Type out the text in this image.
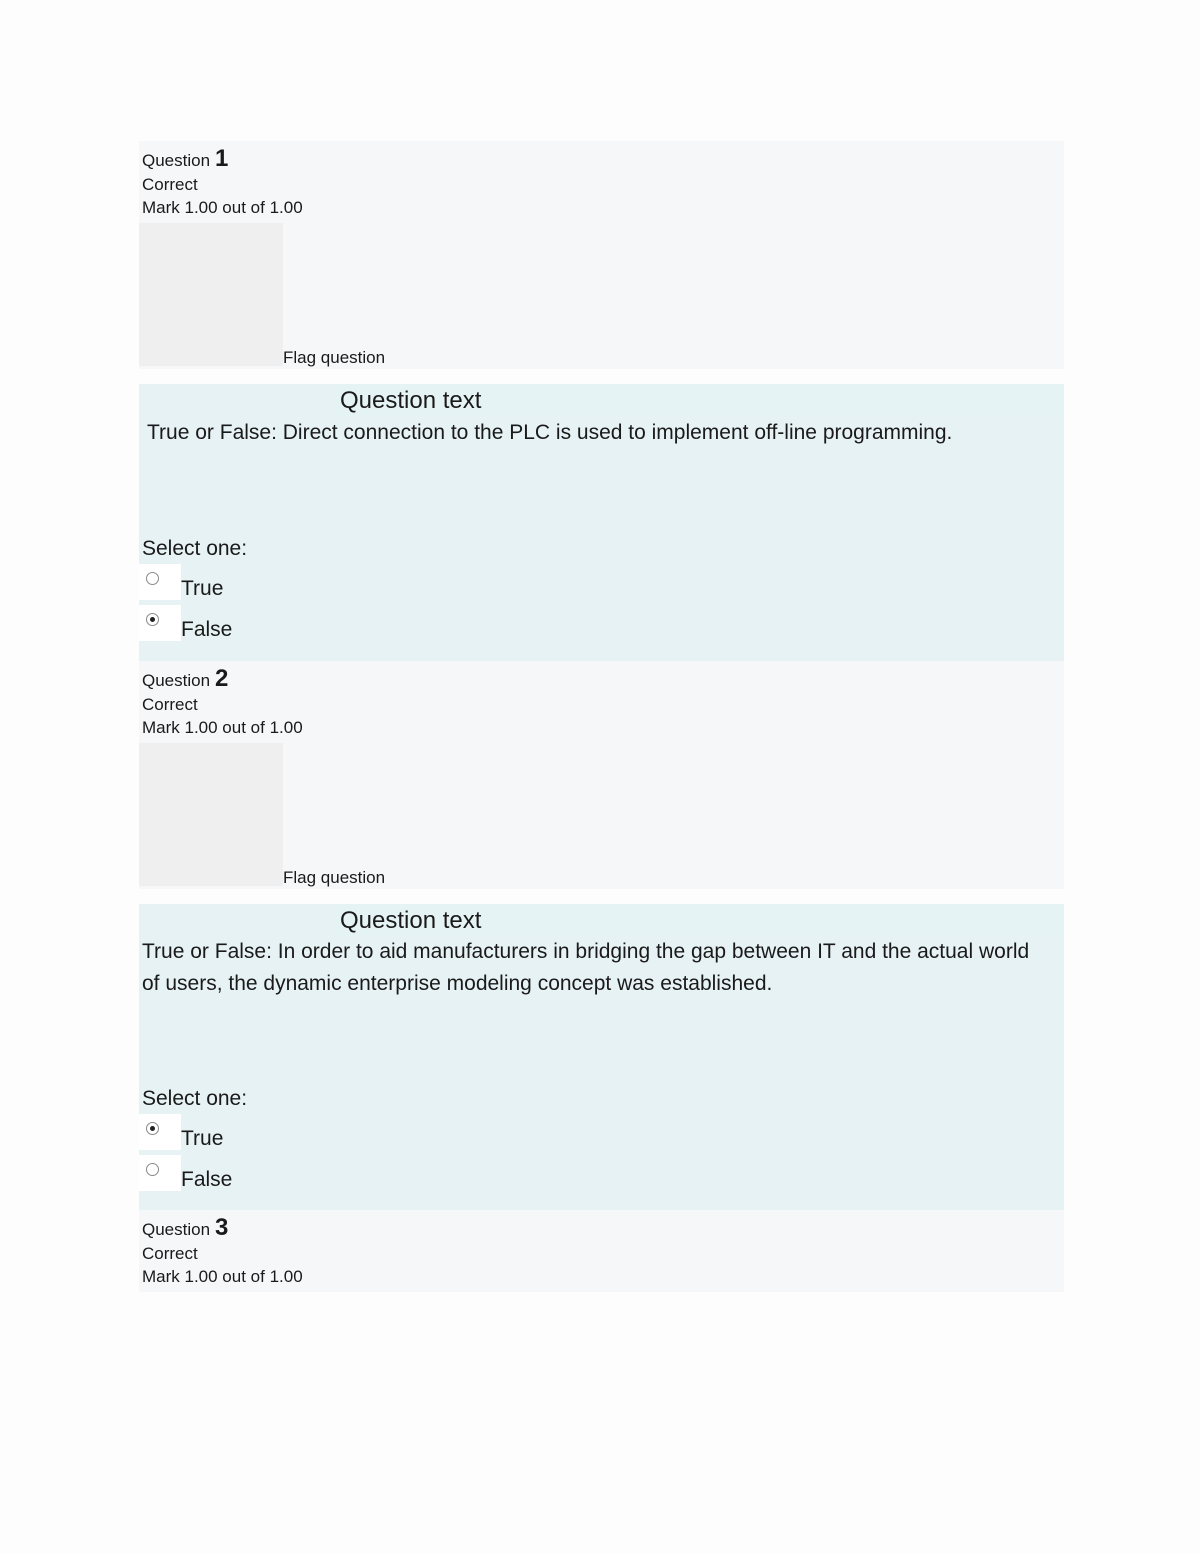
Question 1
Correct
Mark 1.00 out of 1.00
Flag question
Question text
True or False: Direct connection to the PLC is used to implement off-line programming.
Select one:
True
False
Question 2
Correct
Mark 1.00 out of 1.00
Flag question
Question text
True or False: In order to aid manufacturers in bridging the gap between IT and the actual world of users, the dynamic enterprise modeling concept was established.
Select one:
True
False
Question 3
Correct
Mark 1.00 out of 1.00
